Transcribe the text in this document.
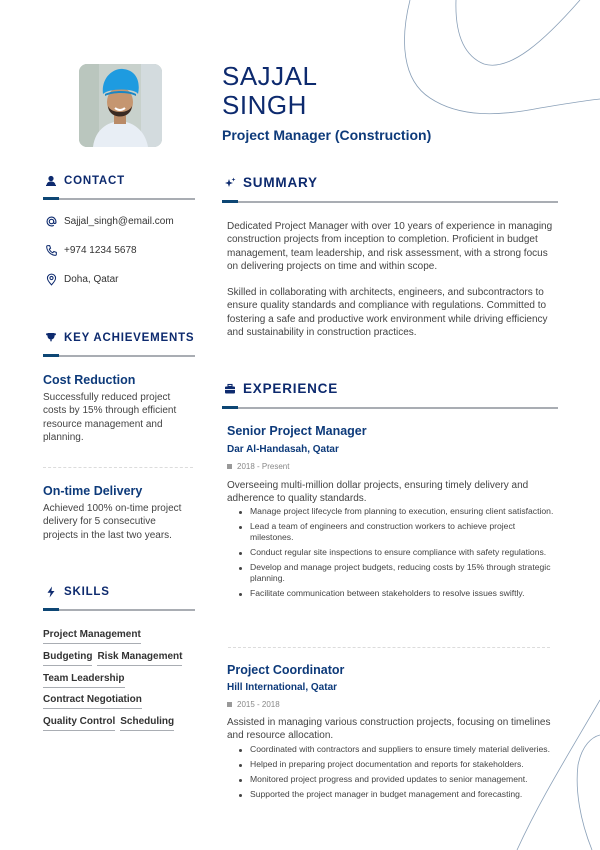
SAJJAL
SINGH
Project Manager (Construction)
CONTACT
Sajjal_singh@email.com
+974 1234 5678
Doha, Qatar
KEY ACHIEVEMENTS
Cost Reduction
Successfully reduced project costs by 15% through efficient resource management and planning.
On-time Delivery
Achieved 100% on-time project delivery for 5 consecutive projects in the last two years.
SKILLS
Project Management
Budgeting Risk Management
Team Leadership
Contract Negotiation
Quality Control Scheduling
SUMMARY

Dedicated Project Manager with over 10 years of experience in managing construction projects from inception to completion. Proficient in budget management, team leadership, and risk assessment, with a strong focus on delivering projects on time and within scope.

Skilled in collaborating with architects, engineers, and subcontractors to ensure quality standards and compliance with regulations. Committed to fostering a safe and productive work environment while driving efficiency and sustainability in construction practices.

EXPERIENCE
Senior Project Manager
Dar Al-Handasah, Qatar
2018 - Present

Overseeing multi-million dollar projects, ensuring timely delivery and adherence to quality standards.

Manage project lifecycle from planning to execution, ensuring client satisfaction.
Lead a team of engineers and construction workers to achieve project milestones.
Conduct regular site inspections to ensure compliance with safety regulations.
Develop and manage project budgets, reducing costs by 15% through strategic planning.
Facilitate communication between stakeholders to resolve issues swiftly.
Project Coordinator
Hill International, Qatar
2015 - 2018

Assisted in managing various construction projects, focusing on timelines and resource allocation.

Coordinated with contractors and suppliers to ensure timely material deliveries.
Helped in preparing project documentation and reports for stakeholders.
Monitored project progress and provided updates to senior management.
Supported the project manager in budget management and forecasting.
